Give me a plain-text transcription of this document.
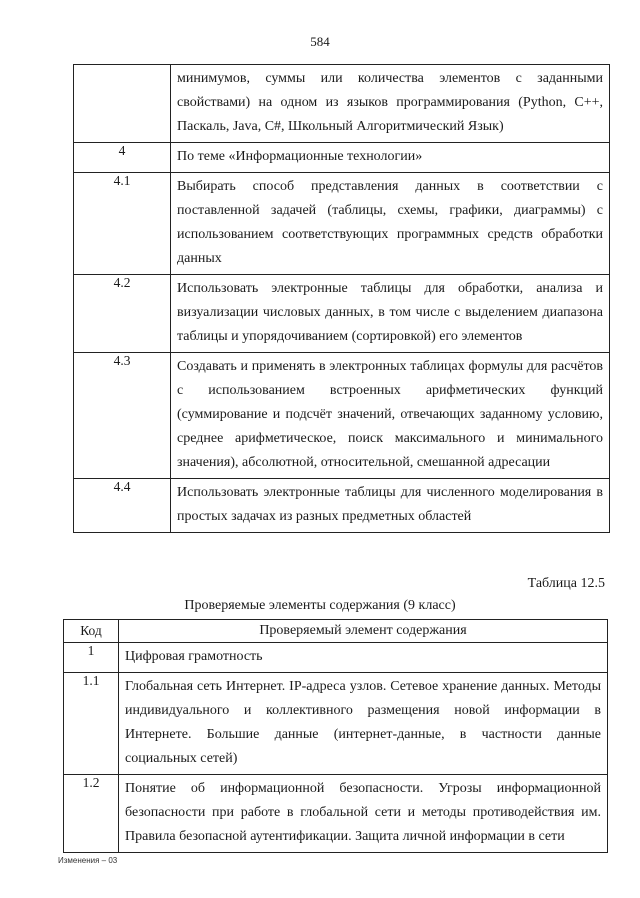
584

	минимумов, суммы или количества элементов с заданными свойствами) на одном из языков программирования (Python, C++, Паскаль, Java, C#, Школьный Алгоритмический Язык)

4	По теме «Информационные технологии»

4.1	Выбирать способ представления данных в соответствии с поставленной задачей (таблицы, схемы, графики, диаграммы) с использованием соответствующих программных средств обработки данных

4.2	Использовать электронные таблицы для обработки, анализа и визуализации числовых данных, в том числе с выделением диапазона таблицы и упорядочиванием (сортировкой) его элементов

4.3	Создавать и применять в электронных таблицах формулы для расчётов с использованием встроенных арифметических функций (суммирование и подсчёт значений, отвечающих заданному условию, среднее арифметическое, поиск максимального и минимального значения), абсолютной, относительной, смешанной адресации

4.4	Использовать электронные таблицы для численного моделирования в простых задачах из разных предметных областей
Таблица 12.5
Проверяемые элементы содержания (9 класс)
Код	Проверяемый элемент содержания
1	Цифровая грамотность

1.1	Глобальная сеть Интернет. IP-адреса узлов. Сетевое хранение данных. Методы индивидуального и коллективного размещения новой информации в Интернете. Большие данные (интернет-данные, в частности данные социальных сетей)

1.2	Понятие об информационной безопасности. Угрозы информационной безопасности при работе в глобальной сети и методы противодействия им. Правила безопасной аутентификации. Защита личной информации в сети
Изменения – 03
